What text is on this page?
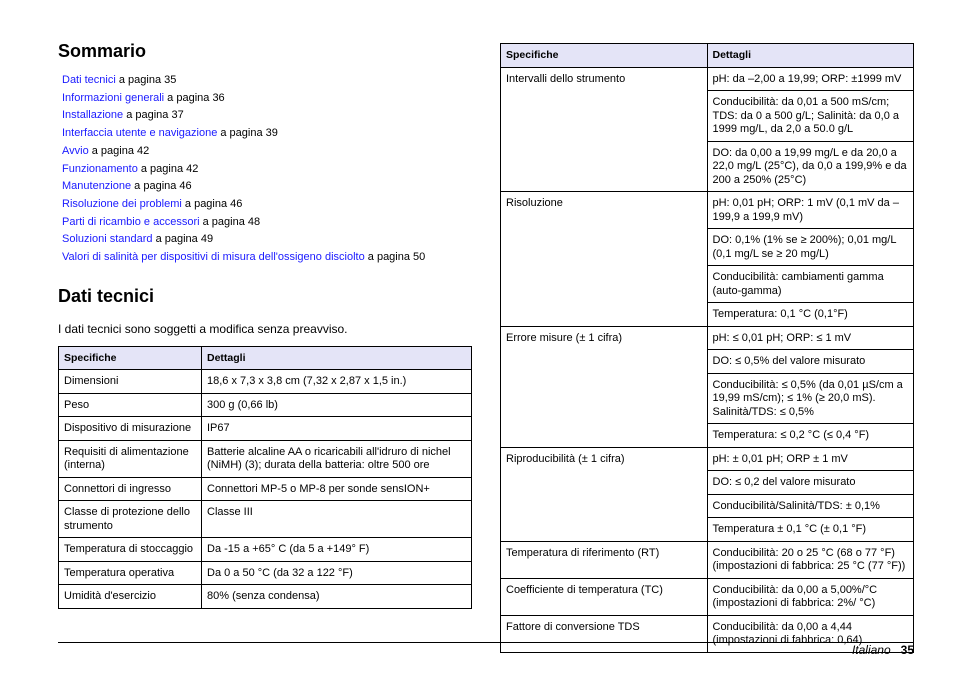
Sommario
Dati tecnici a pagina 35
Informazioni generali a pagina 36
Installazione a pagina 37
Interfaccia utente e navigazione a pagina 39
Avvio a pagina 42
Funzionamento a pagina 42
Manutenzione a pagina 46
Risoluzione dei problemi a pagina 46
Parti di ricambio e accessori a pagina 48
Soluzioni standard a pagina 49
Valori di salinità per dispositivi di misura dell'ossigeno disciolto a pagina 50
Dati tecnici

I dati tecnici sono soggetti a modifica senza preavviso.

Specifiche	Dettagli
Dimensioni	18,6 x 7,3 x 3,8 cm (7,32 x 2,87 x 1,5 in.)
Peso	300 g (0,66 lb)
Dispositivo di misurazione	IP67
Requisiti di alimentazione (interna)	Batterie alcaline AA o ricaricabili all'idruro di nichel (NiMH) (3); durata della batteria: oltre 500 ore
Connettori di ingresso	Connettori MP-5 o MP-8 per sonde sensION+
Classe di protezione dello strumento	Classe III
Temperatura di stoccaggio	Da -15 a +65° C (da 5 a +149° F)
Temperatura operativa	Da 0 a 50 °C (da 32 a 122 °F)
Umidità d'esercizio	80% (senza condensa)
Specifiche	Dettagli
Intervalli dello strumento	pH: da –2,00 a 19,99; ORP: ±1999 mV
	Conducibilità: da 0,01 a 500 mS/cm; TDS: da 0 a 500 g/L; Salinità: da 0,0 a 1999 mg/L, da 2,0 a 50.0 g/L
	DO: da 0,00 a 19,99 mg/L e da 20,0 a 22,0 mg/L (25°C), da 0,0 a 199,9% e da 200 a 250% (25°C)
Risoluzione	pH: 0,01 pH; ORP: 1 mV (0,1 mV da –199,9 a 199,9 mV)
	DO: 0,1% (1% se ≥ 200%); 0,01 mg/L (0,1 mg/L se ≥ 20 mg/L)
	Conducibilità: cambiamenti gamma (auto-gamma)
	Temperatura: 0,1 °C (0,1°F)
Errore misure (± 1 cifra)	pH: ≤ 0,01 pH; ORP: ≤ 1 mV
	DO: ≤ 0,5% del valore misurato
	Conducibilità: ≤ 0,5% (da 0,01 µS/cm a 19,99 mS/cm); ≤ 1% (≥ 20,0 mS). Salinità/TDS: ≤ 0,5%
	Temperatura: ≤ 0,2 °C (≤ 0,4 °F)
Riproducibilità (± 1 cifra)	pH: ± 0,01 pH; ORP ± 1 mV
	DO: ≤ 0,2 del valore misurato
	Conducibilità/Salinità/TDS: ± 0,1%
	Temperatura ± 0,1 °C (± 0,1 °F)
Temperatura di riferimento (RT)	Conducibilità: 20 o 25 °C (68 o 77 °F) (impostazioni di fabbrica: 25 °C (77 °F))
Coefficiente di temperatura (TC)	Conducibilità: da 0,00 a 5,00%/°C (impostazioni di fabbrica: 2%/ °C)
Fattore di conversione TDS	Conducibilità: da 0,00 a 4,44 (impostazioni di fabbrica: 0,64)
Italiano 35
